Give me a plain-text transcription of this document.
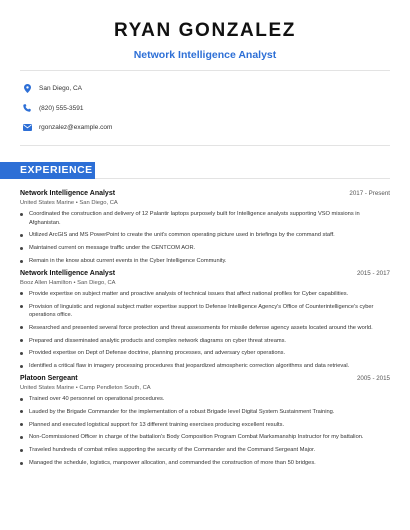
RYAN GONZALEZ
Network Intelligence Analyst
San Diego, CA
(820) 555-3591
rgonzalez@example.com
EXPERIENCE
Network Intelligence Analyst	2017 - Present
United States Marine • San Diego, CA
Coordinated the construction and delivery of 12 Palantir laptops purposely built for Intelligence analysts supporting VSO missions in Afghanistan.
Utilized ArcGIS and MS PowerPoint to create the unit's common operating picture used in briefings by the command staff.
Maintained current on message traffic under the CENTCOM AOR.
Remain in the know about current events in the Cyber Intelligence Community.
Network Intelligence Analyst	2015 - 2017
Booz Allen Hamilton • San Diego, CA
Provide expertise on subject matter and proactive analysis of technical issues that affect national profiles for Cyber capabilities.
Provision of linguistic and regional subject matter expertise support to Defense Intelligence Agency's Office of Counterintelligence's cyber operations office.
Researched and presented several force protection and threat assessments for missile defense agency assets located around the world.
Prepared and disseminated analytic products and complex network diagrams on cyber threat streams.
Provided expertise on Dept of Defense doctrine, planning processes, and adversary cyber operations.
Identified a critical flaw in imagery processing procedures that jeopardized atmospheric correction algorithms and data retrieval.
Platoon Sergeant	2005 - 2015
United States Marine • Camp Pendleton South, CA
Trained over 40 personnel on operational procedures.
Lauded by the Brigade Commander for the implementation of a robust Brigade level Digital System Sustainment Training.
Planned and executed logistical support for 13 different training exercises producing excellent results.
Non-Commissioned Officer in charge of the battalion's Body Composition Program Combat Marksmanship Instructor for my battalion.
Traveled hundreds of combat miles supporting the security of the Commander and the Command Sergeant Major.
Managed the schedule, logistics, manpower allocation, and commanded the construction of more than 50 bridges.
